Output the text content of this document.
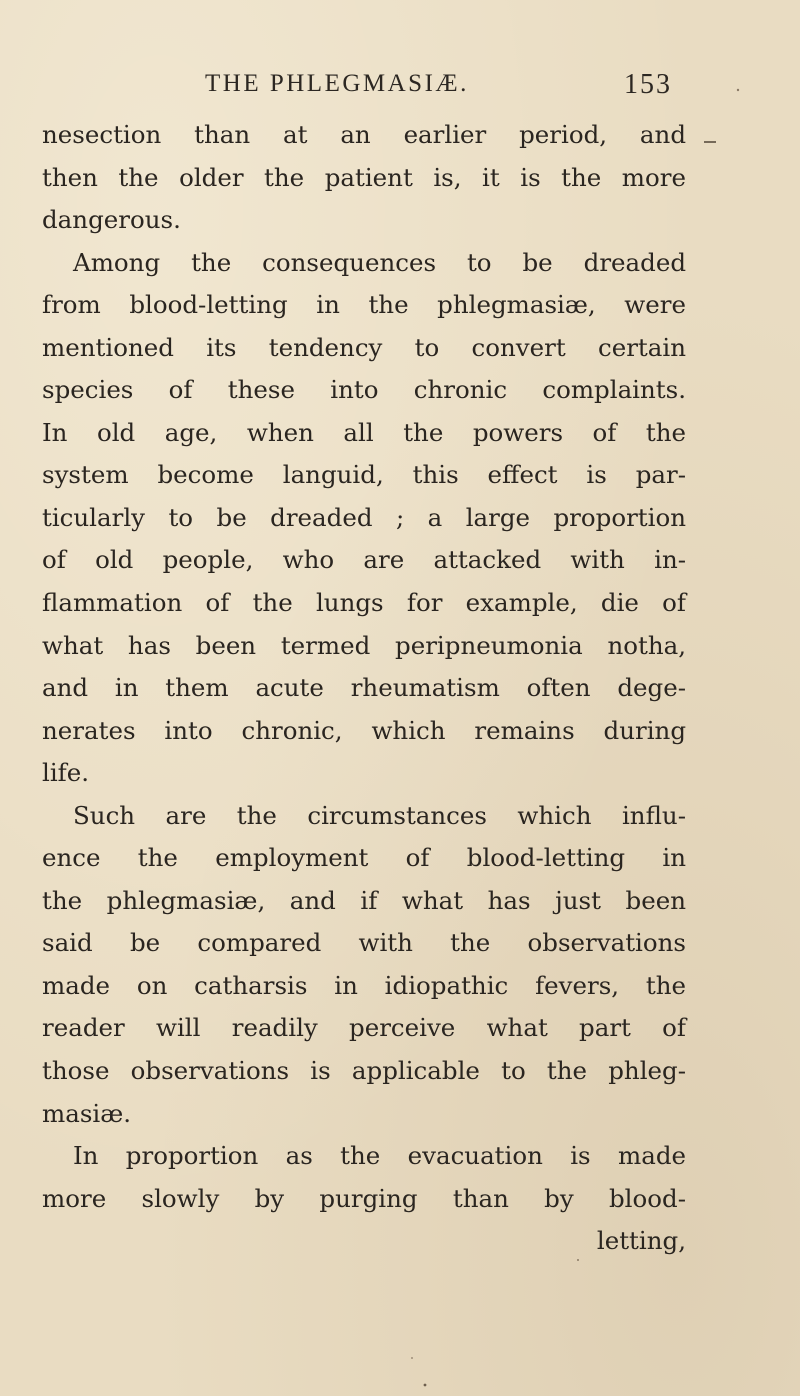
THE PHLEGMASIÆ.	153
nesection than at an earlier period, and
then the older the patient is, it is the more
dangerous.
Among the consequences to be dreaded
from blood-letting in the phlegmasiæ, were
mentioned its tendency to convert certain
species of these into chronic complaints.
In old age, when all the powers of the
system become languid, this effect is par-
ticularly to be dreaded ; a large proportion
of old people, who are attacked with in-
flammation of the lungs for example, die of
what has been termed peripneumonia notha,
and in them acute rheumatism often dege-
nerates into chronic, which remains during
life.
Such are the circumstances which influ-
ence the employment of blood-letting in
the phlegmasiæ, and if what has just been
said be compared with the observations
made on catharsis in idiopathic fevers, the
reader will readily perceive what part of
those observations is applicable to the phleg-
masiæ.
In proportion as the evacuation is made
more slowly by purging than by blood-
letting,
